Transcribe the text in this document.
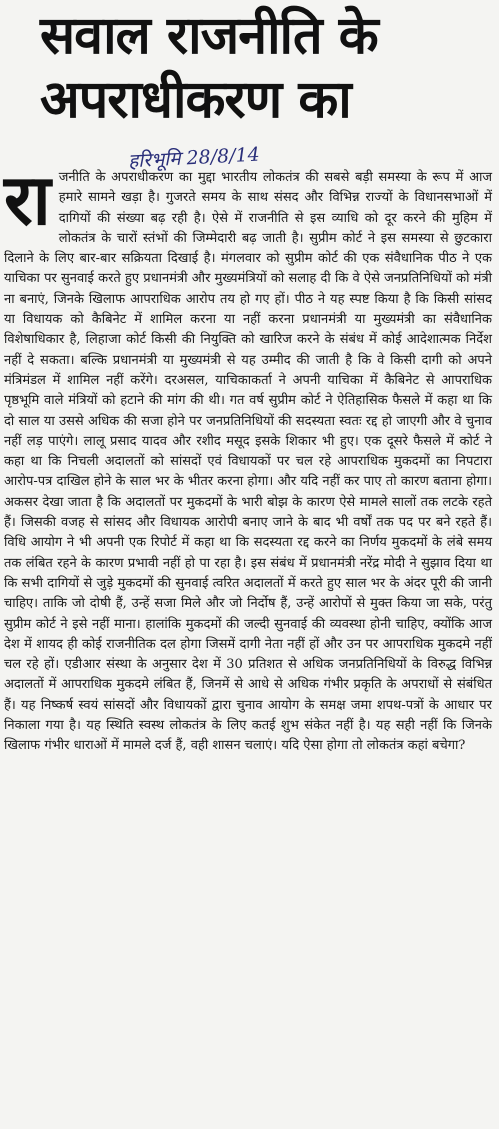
सवाल राजनीति के
अपराधीकरण का
हरिभूमि 28/8/14
रा जनीति के अपराधीकरण का मुद्दा भारतीय लोकतंत्र की सबसे बड़ी समस्या के रूप में आज हमारे सामने खड़ा है। गुजरते समय के साथ संसद और विभिन्न राज्यों के विधानसभाओं में दागियों की संख्या बढ़ रही है। ऐसे में राजनीति से इस व्याधि को दूर करने की मुहिम में लोकतंत्र के चारों स्तंभों की जिम्मेदारी बढ़ जाती है। सुप्रीम कोर्ट ने इस समस्या से छुटकारा दिलाने के लिए बार-बार सक्रियता दिखाई है। मंगलवार को सुप्रीम कोर्ट की एक संवैधानिक पीठ ने एक याचिका पर सुनवाई करते हुए प्रधानमंत्री और मुख्यमंत्रियों को सलाह दी कि वे ऐसे जनप्रतिनिधियों को मंत्री ना बनाएं, जिनके खिलाफ आपराधिक आरोप तय हो गए हों। पीठ ने यह स्पष्ट किया है कि किसी सांसद या विधायक को कैबिनेट में शामिल करना या नहीं करना प्रधानमंत्री या मुख्यमंत्री का संवैधानिक विशेषाधिकार है, लिहाजा कोर्ट किसी की नियुक्ति को खारिज करने के संबंध में कोई आदेशात्मक निर्देश नहीं दे सकता। बल्कि प्रधानमंत्री या मुख्यमंत्री से यह उम्मीद की जाती है कि वे किसी दागी को अपने मंत्रिमंडल में शामिल नहीं करेंगे। दरअसल, याचिकाकर्ता ने अपनी याचिका में कैबिनेट से आपराधिक पृष्ठभूमि वाले मंत्रियों को हटाने की मांग की थी। गत वर्ष सुप्रीम कोर्ट ने ऐतिहासिक फैसले में कहा था कि दो साल या उससे अधिक की सजा होने पर जनप्रतिनिधियों की सदस्यता स्वतः रद्द हो जाएगी और वे चुनाव नहीं लड़ पाएंगे। लालू प्रसाद यादव और रशीद मसूद इसके शिकार भी हुए। एक दूसरे फैसले में कोर्ट ने कहा था कि निचली अदालतों को सांसदों एवं विधायकों पर चल रहे आपराधिक मुकदमों का निपटारा आरोप-पत्र दाखिल होने के साल भर के भीतर करना होगा। और यदि नहीं कर पाए तो कारण बताना होगा। अकसर देखा जाता है कि अदालतों पर मुकदमों के भारी बोझ के कारण ऐसे मामले सालों तक लटके रहते हैं। जिसकी वजह से सांसद और विधायक आरोपी बनाए जाने के बाद भी वर्षों तक पद पर बने रहते हैं। विधि आयोग ने भी अपनी एक रिपोर्ट में कहा था कि सदस्यता रद्द करने का निर्णय मुकदमों के लंबे समय तक लंबित रहने के कारण प्रभावी नहीं हो पा रहा है। इस संबंध में प्रधानमंत्री नरेंद्र मोदी ने सुझाव दिया था कि सभी दागियों से जुड़े मुकदमों की सुनवाई त्वरित अदालतों में करते हुए साल भर के अंदर पूरी की जानी चाहिए। ताकि जो दोषी हैं, उन्हें सजा मिले और जो निर्दोष हैं, उन्हें आरोपों से मुक्त किया जा सके, परंतु सुप्रीम कोर्ट ने इसे नहीं माना। हालांकि मुकदमों की जल्दी सुनवाई की व्यवस्था होनी चाहिए, क्योंकि आज देश में शायद ही कोई राजनीतिक दल होगा जिसमें दागी नेता नहीं हों और उन पर आपराधिक मुकदमे नहीं चल रहे हों। एडीआर संस्था के अनुसार देश में 30 प्रतिशत से अधिक जनप्रतिनिधियों के विरुद्ध विभिन्न अदालतों में आपराधिक मुकदमे लंबित हैं, जिनमें से आधे से अधिक गंभीर प्रकृति के अपराधों से संबंधित हैं। यह निष्कर्ष स्वयं सांसदों और विधायकों द्वारा चुनाव आयोग के समक्ष जमा शपथ-पत्रों के आधार पर निकाला गया है। यह स्थिति स्वस्थ लोकतंत्र के लिए कतई शुभ संकेत नहीं है। यह सही नहीं कि जिनके खिलाफ गंभीर धाराओं में मामले दर्ज हैं, वही शासन चलाएं। यदि ऐसा होगा तो लोकतंत्र कहां बचेगा?
